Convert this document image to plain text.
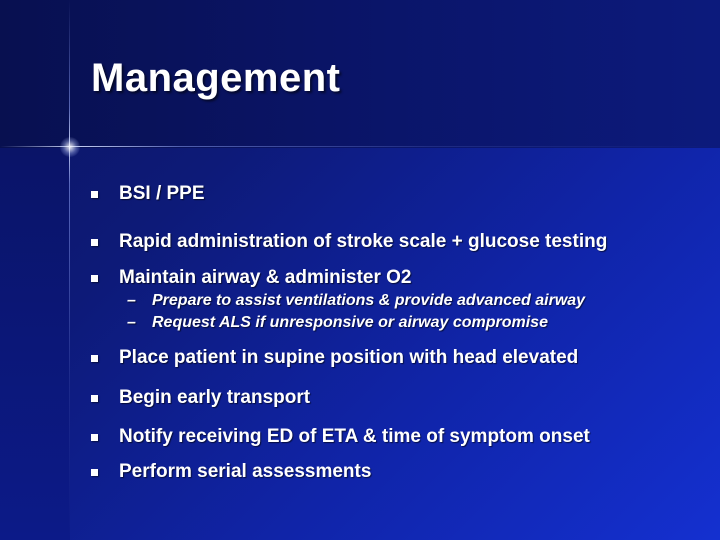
Management
BSI / PPE
Rapid administration of stroke scale + glucose testing
Maintain airway & administer O2
– Prepare to assist ventilations & provide advanced airway
– Request ALS if unresponsive or airway compromise
Place patient in supine position with head elevated
Begin early transport
Notify receiving ED of ETA & time of symptom onset
Perform serial assessments
